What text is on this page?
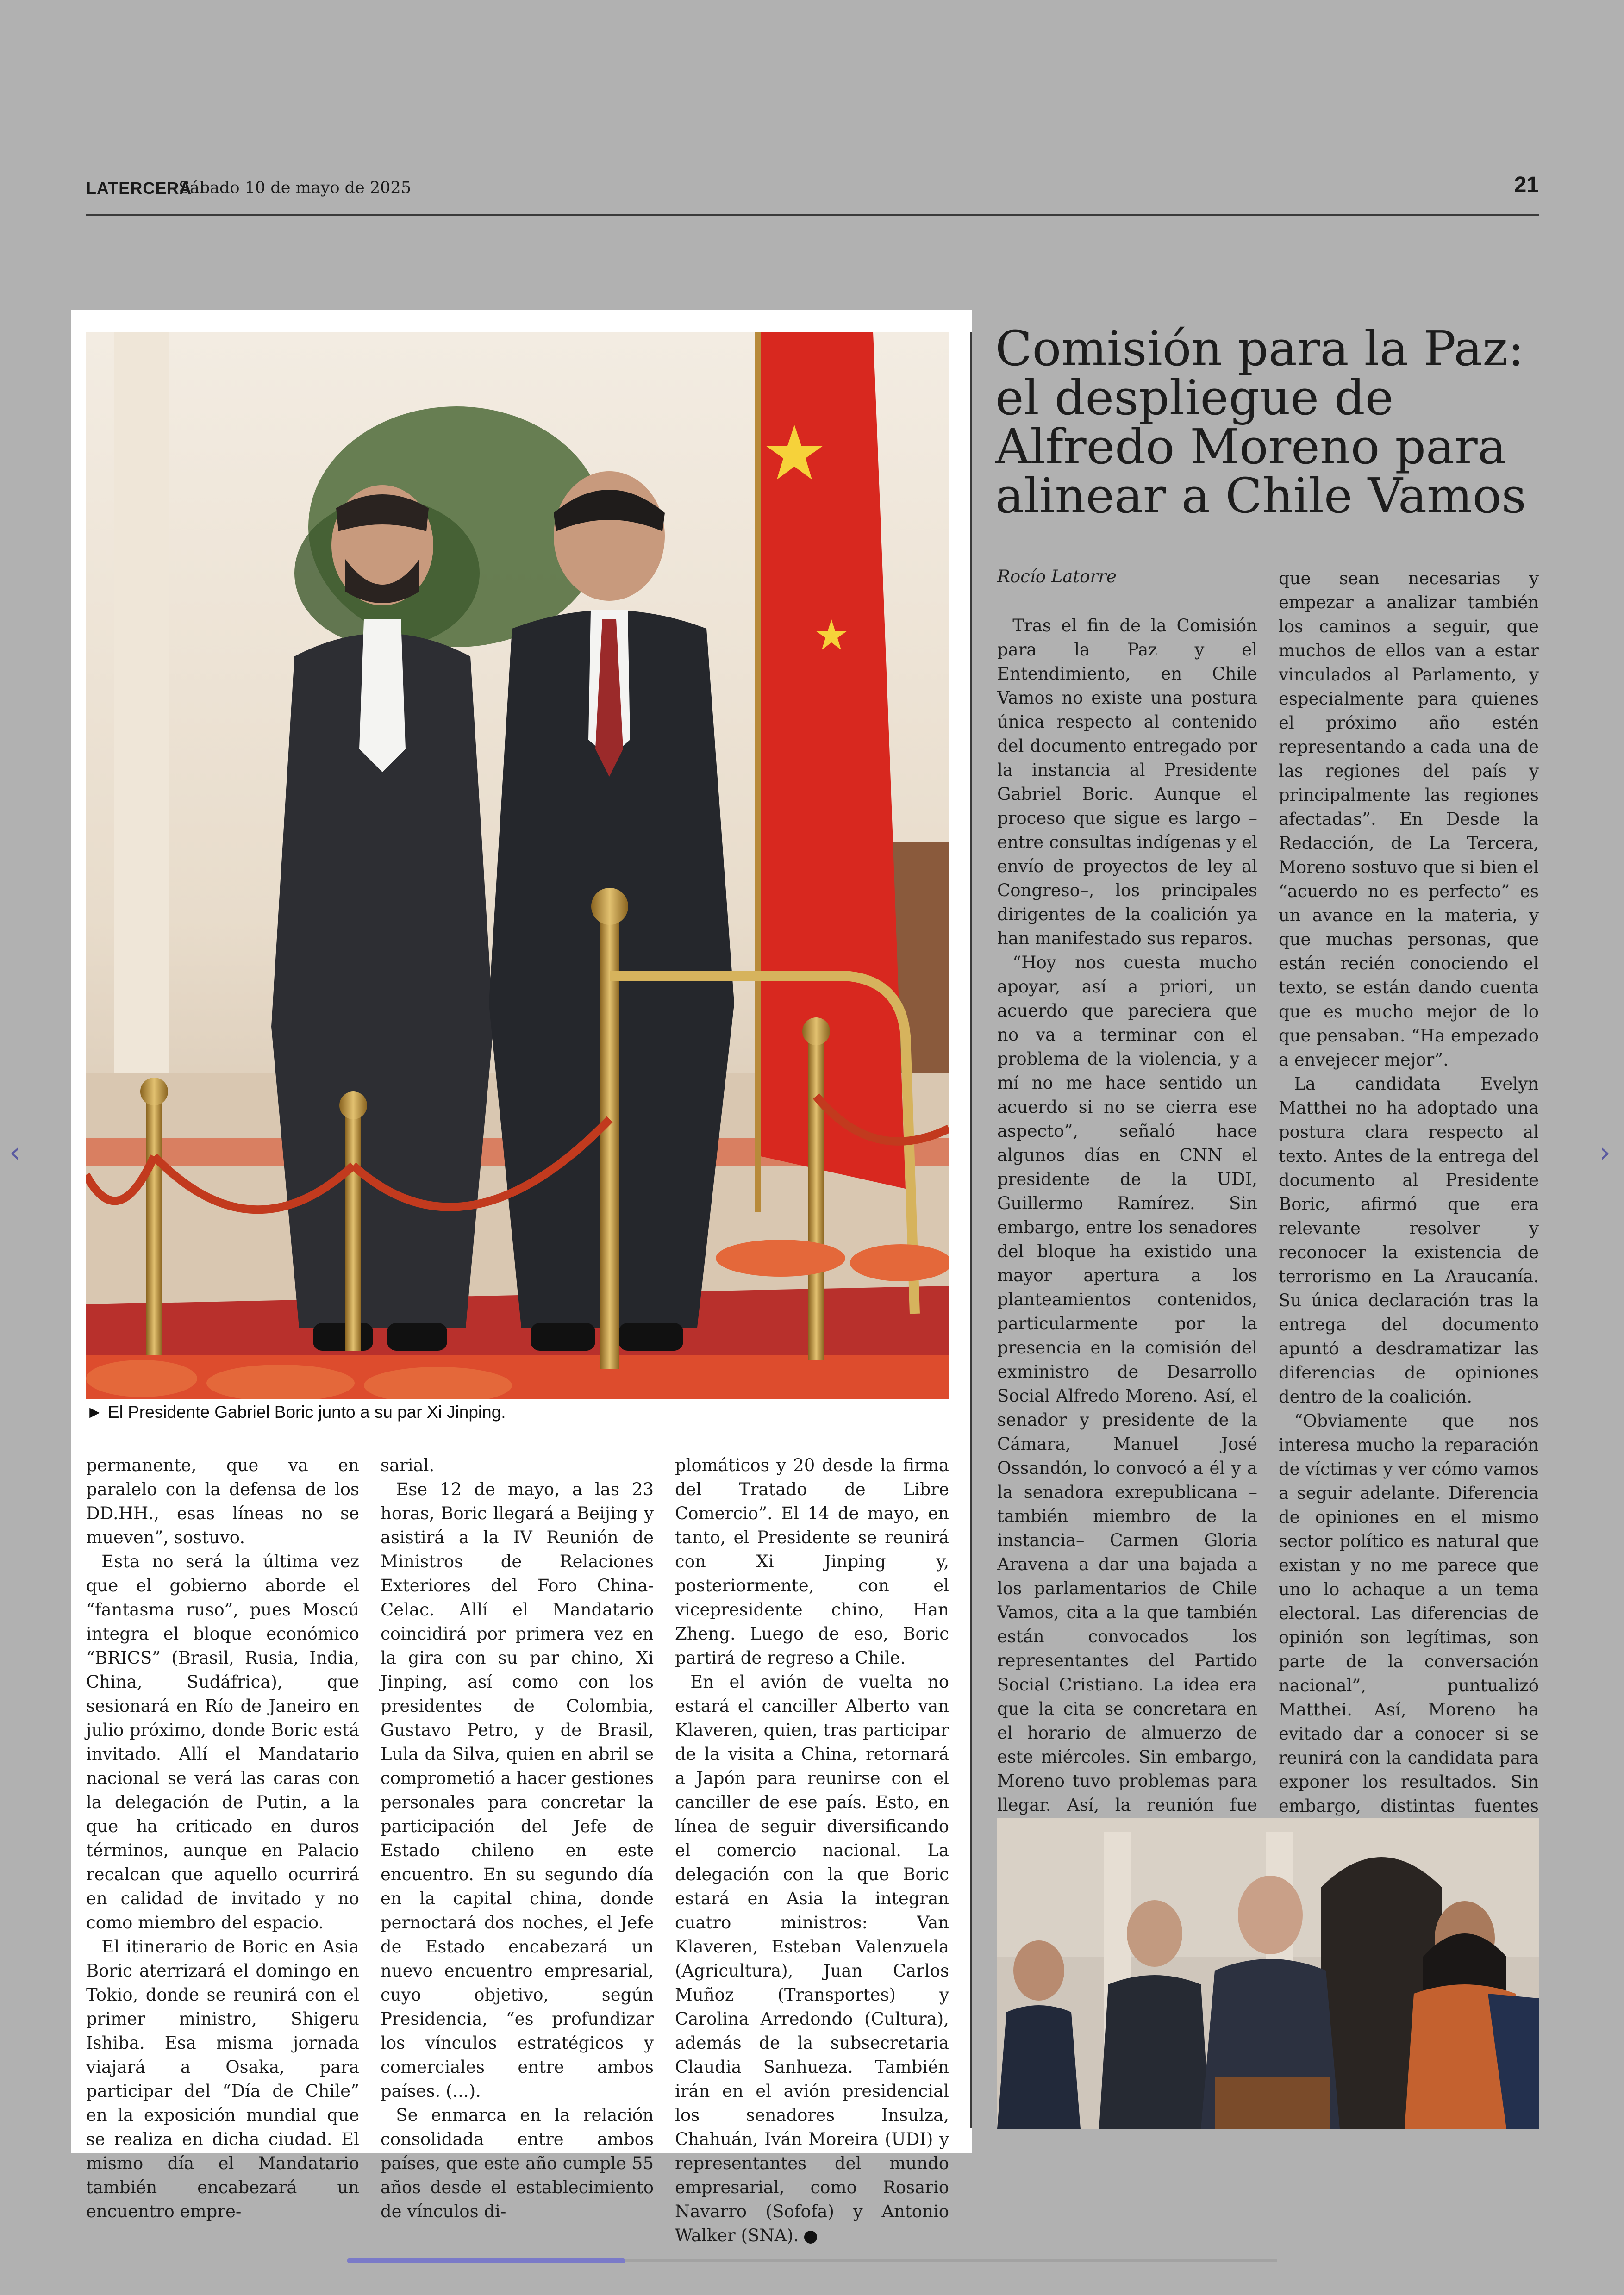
LATERCERA
Sábado 10 de mayo de 2025	21
► El Presidente Gabriel Boric junto a su par Xi Jinping.

permanente, que va en paralelo con la defensa de los DD.HH., esas líneas no se mueven”, sostuvo.

Esta no será la última vez que el gobierno aborde el “fantasma ruso”, pues Moscú integra el bloque económico “BRICS” (Brasil, Rusia, India, China, Sudáfrica), que sesionará en Río de Janeiro en julio próximo, donde Boric está invitado. Allí el Mandatario nacional se verá las caras con la delegación de Putin, a la que ha criticado en duros términos, aunque en Palacio recalcan que aquello ocurrirá en calidad de invitado y no como miembro del espacio.

El itinerario de Boric en Asia Boric aterrizará el domingo en Tokio, donde se reunirá con el primer ministro, Shigeru Ishiba. Esa misma jornada viajará a Osaka, para participar del “Día de Chile” en la exposición mundial que se realiza en dicha ciudad. El mismo día el Mandatario también encabezará un encuentro empre-

sarial.

Ese 12 de mayo, a las 23 horas, Boric llegará a Beijing y asistirá a la IV Reunión de Ministros de Relaciones Exteriores del Foro China-Celac. Allí el Mandatario coincidirá por primera vez en la gira con su par chino, Xi Jinping, así como con los presidentes de Colombia, Gustavo Petro, y de Brasil, Lula da Silva, quien en abril se comprometió a hacer gestiones personales para concretar la participación del Jefe de Estado chileno en este encuentro. En su segundo día en la capital china, donde pernoctará dos noches, el Jefe de Estado encabezará un nuevo encuentro empresarial, cuyo objetivo, según Presidencia, “es profundizar los vínculos estratégicos y comerciales entre ambos países. (...).

Se enmarca en la relación consolidada entre ambos países, que este año cumple 55 años desde el establecimiento de vínculos di-

plomáticos y 20 desde la firma del Tratado de Libre Comercio”. El 14 de mayo, en tanto, el Presidente se reunirá con Xi Jinping y, posteriormente, con el vicepresidente chino, Han Zheng. Luego de eso, Boric partirá de regreso a Chile.

En el avión de vuelta no estará el canciller Alberto van Klaveren, quien, tras participar de la visita a China, retornará a Japón para reunirse con el canciller de ese país. Esto, en línea de seguir diversificando el comercio nacional. La delegación con la que Boric estará en Asia la integran cuatro ministros: Van Klaveren, Esteban Valenzuela (Agricultura), Juan Carlos Muñoz (Transportes) y Carolina Arredondo (Cultura), además de la subsecretaria Claudia Sanhueza. También irán en el avión presidencial los senadores Insulza, Chahuán, Iván Moreira (UDI) y representantes del mundo empresarial, como Rosario Navarro (Sofofa) y Antonio Walker (SNA).

Comisión para la Paz: el despliegue de Alfredo Moreno para alinear a Chile Vamos
Rocío Latorre

Tras el fin de la Comisión para la Paz y el Entendimiento, en Chile Vamos no existe una postura única respecto al contenido del documento entregado por la instancia al Presidente Gabriel Boric. Aunque el proceso que sigue es largo –entre consultas indígenas y el envío de proyectos de ley al Congreso–, los principales dirigentes de la coalición ya han manifestado sus reparos.

“Hoy nos cuesta mucho apoyar, así a priori, un acuerdo que pareciera que no va a terminar con el problema de la violencia, y a mí no me hace sentido un acuerdo si no se cierra ese aspecto”, señaló hace algunos días en CNN el presidente de la UDI, Guillermo Ramírez. Sin embargo, entre los senadores del bloque ha existido una mayor apertura a los planteamientos contenidos, particularmente por la presencia en la comisión del exministro de Desarrollo Social Alfredo Moreno. Así, el senador y presidente de la Cámara, Manuel José Ossandón, lo convocó a él y a la senadora exrepublicana –también miembro de la instancia– Carmen Gloria Aravena a dar una bajada a los parlamentarios de Chile Vamos, cita a la que también están convocados los representantes del Partido Social Cristiano. La idea era que la cita se concretara en el horario de almuerzo de este miércoles. Sin embargo, Moreno tuvo problemas para llegar. Así, la reunión fue

que sean necesarias y empezar a analizar también los caminos a seguir, que muchos de ellos van a estar vinculados al Parlamento, y especialmente para quienes el próximo año estén representando a cada una de las regiones del país y principalmente las regiones afectadas”. En Desde la Redacción, de La Tercera, Moreno sostuvo que si bien el “acuerdo no es perfecto” es un avance en la materia, y que muchas personas, que están recién conociendo el texto, se están dando cuenta que es mucho mejor de lo que pensaban. “Ha empezado a envejecer mejor”.

La candidata Evelyn Matthei no ha adoptado una postura clara respecto al texto. Antes de la entrega del documento al Presidente Boric, afirmó que era relevante resolver y reconocer la existencia de terrorismo en La Araucanía. Su única declaración tras la entrega del documento apuntó a desdramatizar las diferencias de opiniones dentro de la coalición.

“Obviamente que nos interesa mucho la reparación de víctimas y ver cómo vamos a seguir adelante. Diferencia de opiniones en el mismo sector político es natural que existan y no me parece que uno lo achaque a un tema electoral. Las diferencias de opinión son legítimas, son parte de la conversación nacional”, puntualizó Matthei. Así, Moreno ha evitado dar a conocer si se reunirá con la candidata para exponer los resultados. Sin embargo, distintas fuentes

‹	›
